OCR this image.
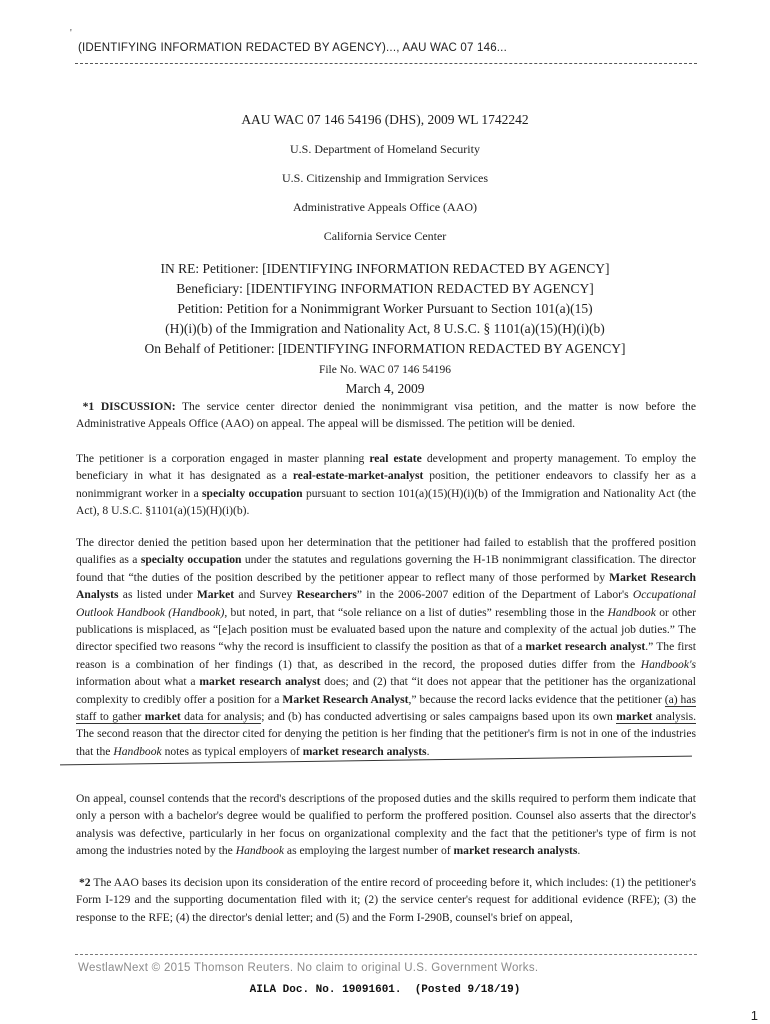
'
(IDENTIFYING INFORMATION REDACTED BY AGENCY)..., AAU WAC 07 146...
AAU WAC 07 146 54196 (DHS), 2009 WL 1742242
U.S. Department of Homeland Security
U.S. Citizenship and Immigration Services
Administrative Appeals Office (AAO)
California Service Center
IN RE: Petitioner: [IDENTIFYING INFORMATION REDACTED BY AGENCY]
Beneficiary: [IDENTIFYING INFORMATION REDACTED BY AGENCY]
Petition: Petition for a Nonimmigrant Worker Pursuant to Section 101(a)(15)
(H)(i)(b) of the Immigration and Nationality Act, 8 U.S.C. § 1101(a)(15)(H)(i)(b)
On Behalf of Petitioner: [IDENTIFYING INFORMATION REDACTED BY AGENCY]
File No. WAC 07 146 54196
March 4, 2009
*1 DISCUSSION: The service center director denied the nonimmigrant visa petition, and the matter is now before the Administrative Appeals Office (AAO) on appeal. The appeal will be dismissed. The petition will be denied.
The petitioner is a corporation engaged in master planning real estate development and property management. To employ the beneficiary in what it has designated as a real-estate-market-analyst position, the petitioner endeavors to classify her as a nonimmigrant worker in a specialty occupation pursuant to section 101(a)(15)(H)(i)(b) of the Immigration and Nationality Act (the Act), 8 U.S.C. §1101(a)(15)(H)(i)(b).
The director denied the petition based upon her determination that the petitioner had failed to establish that the proffered position qualifies as a specialty occupation under the statutes and regulations governing the H-1B nonimmigrant classification. The director found that “the duties of the position described by the petitioner appear to reflect many of those performed by Market Research Analysts as listed under Market and Survey Researchers” in the 2006-2007 edition of the Department of Labor's Occupational Outlook Handbook (Handbook), but noted, in part, that “sole reliance on a list of duties” resembling those in the Handbook or other publications is misplaced, as “[e]ach position must be evaluated based upon the nature and complexity of the actual job duties.” The director specified two reasons “why the record is insufficient to classify the position as that of a market research analyst.” The first reason is a combination of her findings (1) that, as described in the record, the proposed duties differ from the Handbook's information about what a market research analyst does; and (2) that “it does not appear that the petitioner has the organizational complexity to credibly offer a position for a Market Research Analyst,” because the record lacks evidence that the petitioner (a) has staff to gather market data for analysis; and (b) has conducted advertising or sales campaigns based upon its own market analysis. The second reason that the director cited for denying the petition is her finding that the petitioner's firm is not in one of the industries that the Handbook notes as typical employers of market research analysts.
On appeal, counsel contends that the record's descriptions of the proposed duties and the skills required to perform them indicate that only a person with a bachelor's degree would be qualified to perform the proffered position. Counsel also asserts that the director's analysis was defective, particularly in her focus on organizational complexity and the fact that the petitioner's type of firm is not among the industries noted by the Handbook as employing the largest number of market research analysts.
*2 The AAO bases its decision upon its consideration of the entire record of proceeding before it, which includes: (1) the petitioner's Form I-129 and the supporting documentation filed with it; (2) the service center's request for additional evidence (RFE); (3) the response to the RFE; (4) the director's denial letter; and (5) and the Form I-290B, counsel's brief on appeal,
WestlawNext © 2015 Thomson Reuters. No claim to original U.S. Government Works.
AILA Doc. No. 19091601.  (Posted 9/18/19)
1
